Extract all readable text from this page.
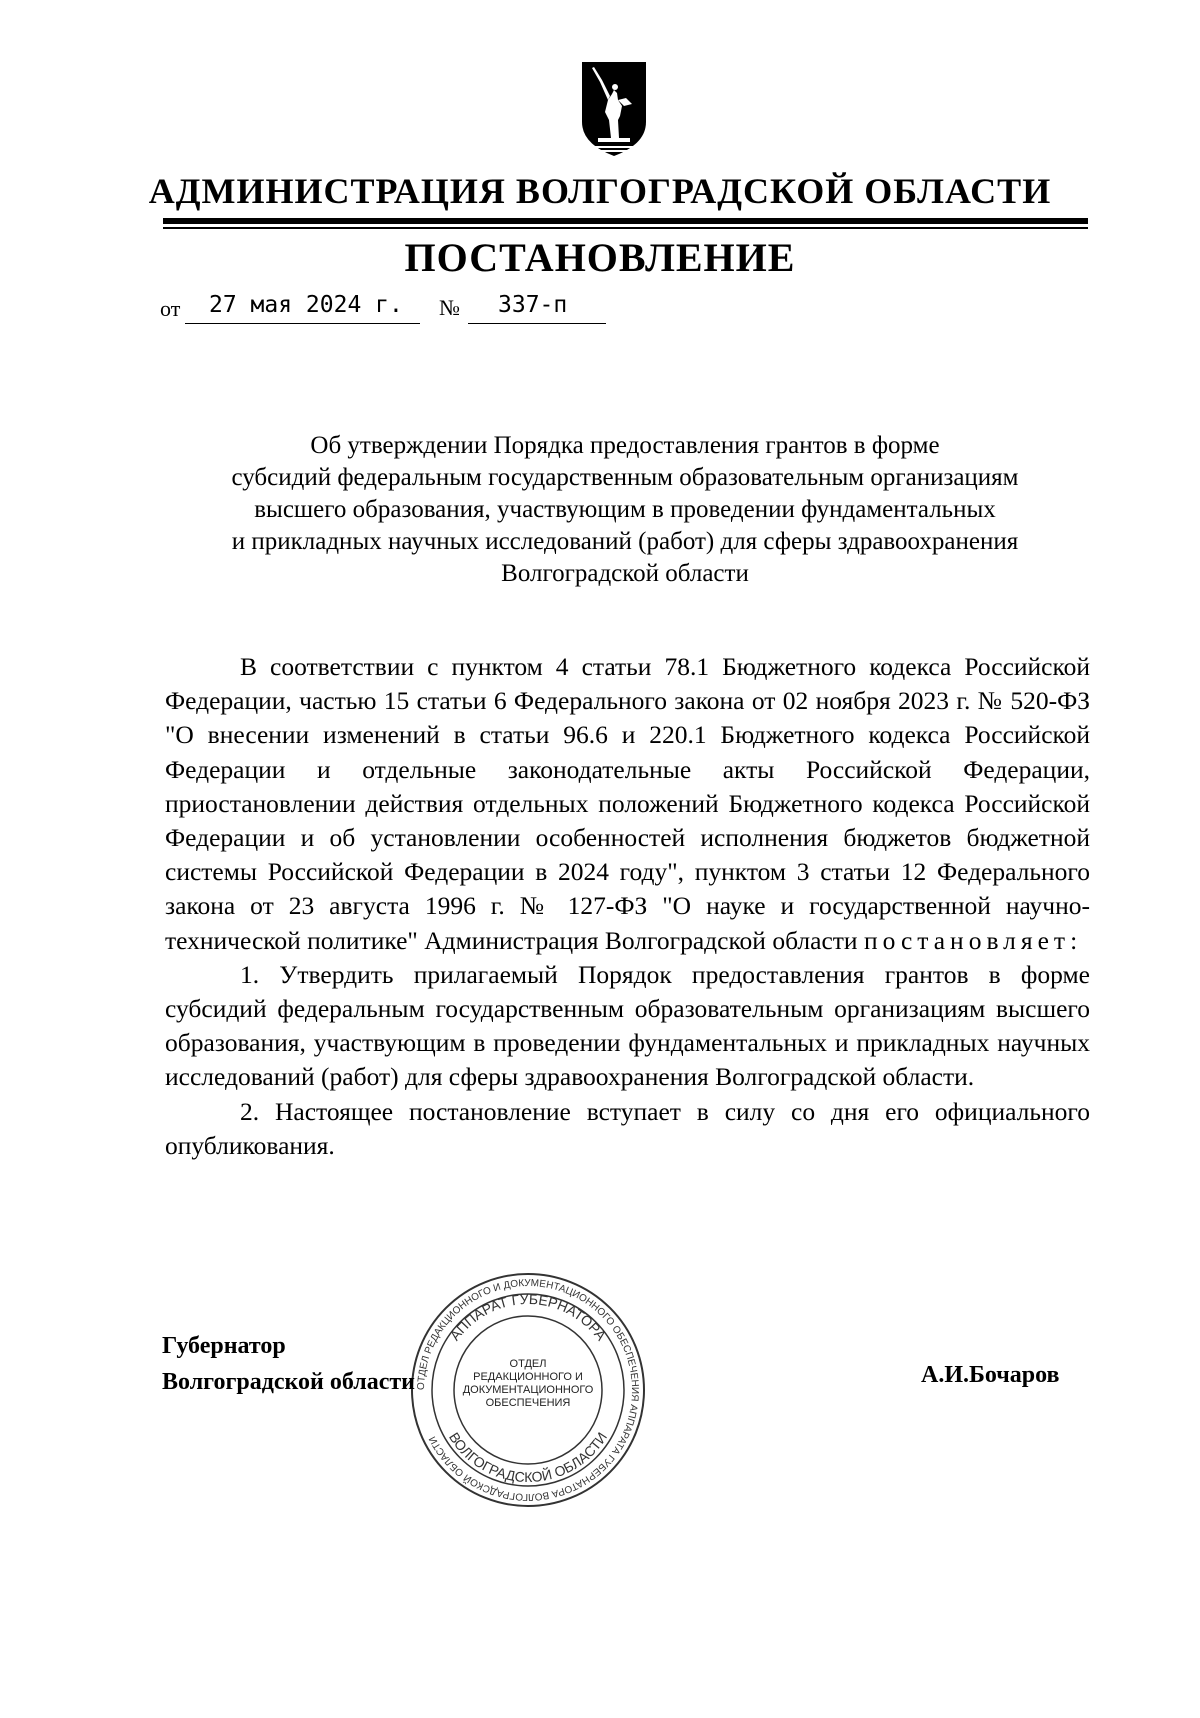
АДМИНИСТРАЦИЯ ВОЛГОГРАДСКОЙ ОБЛАСТИ
ПОСТАНОВЛЕНИЕ
от	27 мая 2024 г.	№	337-п
Об утверждении Порядка предоставления грантов в форме
субсидий федеральным государственным образовательным организациям
высшего образования, участвующим в проведении фундаментальных
и прикладных научных исследований (работ) для сферы здравоохранения
Волгоградской области

В соответствии с пунктом 4 статьи 78.1 Бюджетного кодекса Российской Федерации, частью 15 статьи 6 Федерального закона от 02 ноября 2023 г. № 520-ФЗ "О внесении изменений в статьи 96.6 и 220.1 Бюджетного кодекса Российской Федерации и отдельные законодательные акты Российской Федерации, приостановлении действия отдельных положений Бюджетного кодекса Российской Федерации и об установлении особенностей исполнения бюджетов бюджетной системы Российской Федерации в 2024 году", пунктом 3 статьи 12 Федерального закона от 23 августа 1996 г. № 127-ФЗ "О науке и государственной научно-технической политике" Администрация Волгоградской области постановляет:

1. Утвердить прилагаемый Порядок предоставления грантов в форме субсидий федеральным государственным образовательным организациям высшего образования, участвующим в проведении фундаментальных и прикладных научных исследований (работ) для сферы здравоохранения Волгоградской области.

2. Настоящее постановление вступает в силу со дня его официального опубликования.

ОТДЕЛ РЕДАКЦИОННОГО И ДОКУМЕНТАЦИОННОГО ОБЕСПЕЧЕНИЯ АППАРАТА ГУБЕРНАТОРА ВОЛГОГРАДСКОЙ ОБЛАСТИ
АППАРАТ ГУБЕРНАТОРА
ВОЛГОГРАДСКОЙ ОБЛАСТИ
ОТДЕЛ
РЕДАКЦИОННОГО И
ДОКУМЕНТАЦИОННОГО
ОБЕСПЕЧЕНИЯ
Губернатор
Волгоградской области	А.И.Бочаров
